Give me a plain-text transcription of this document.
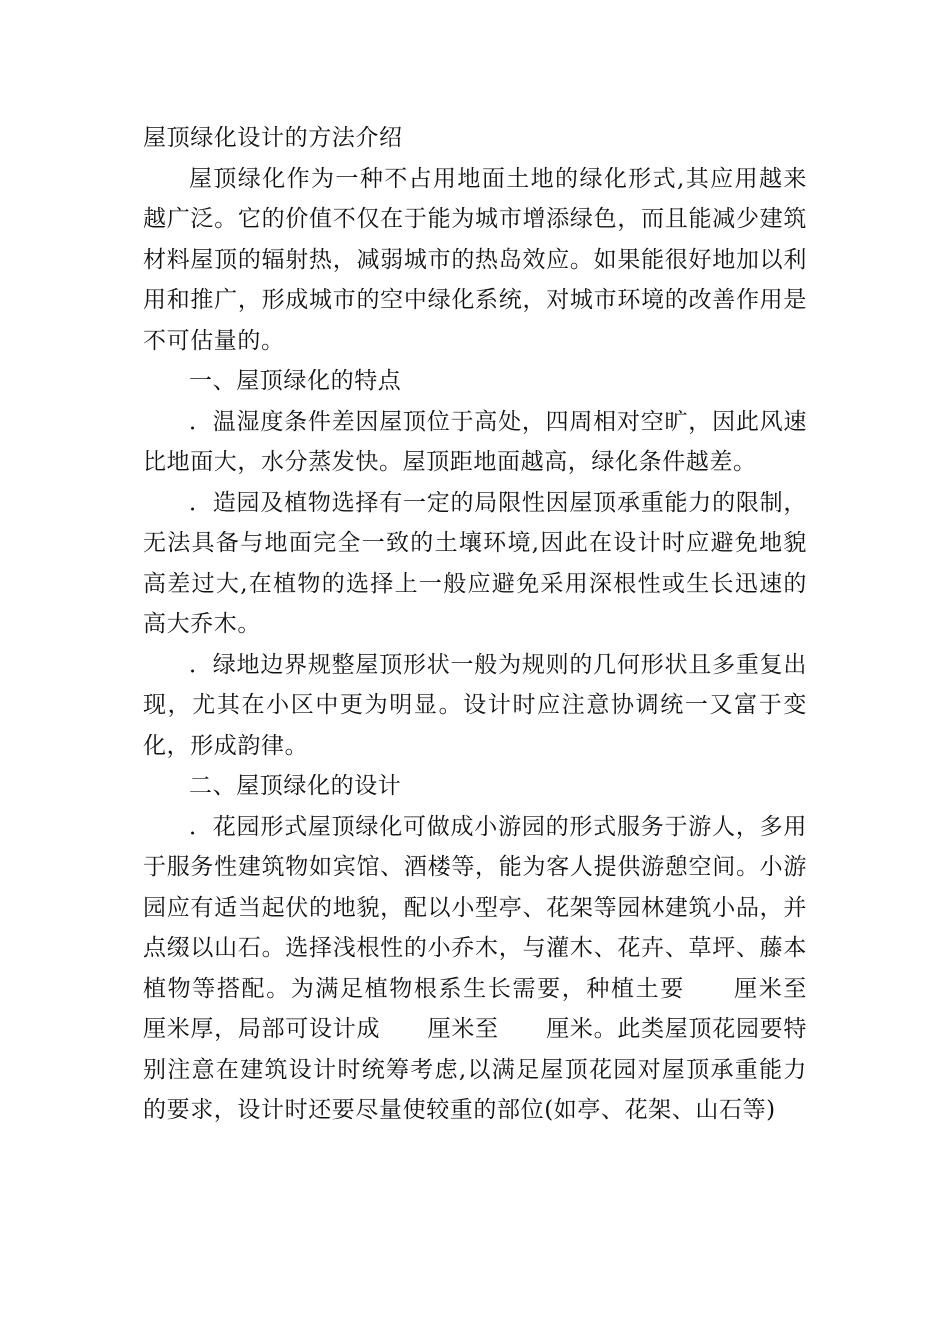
屋顶绿化设计的方法介绍

屋顶绿化作为一种不占用地面土地的绿化形式,其应用越来越广泛。它的价值不仅在于能为城市增添绿色，而且能减少建筑材料屋顶的辐射热，减弱城市的热岛效应。如果能很好地加以利用和推广，形成城市的空中绿化系统，对城市环境的改善作用是不可估量的。

一、屋顶绿化的特点

．温湿度条件差因屋顶位于高处，四周相对空旷，因此风速比地面大，水分蒸发快。屋顶距地面越高，绿化条件越差。

．造园及植物选择有一定的局限性因屋顶承重能力的限制，无法具备与地面完全一致的土壤环境,因此在设计时应避免地貌高差过大,在植物的选择上一般应避免采用深根性或生长迅速的高大乔木。

．绿地边界规整屋顶形状一般为规则的几何形状且多重复出现，尤其在小区中更为明显。设计时应注意协调统一又富于变化，形成韵律。

二、屋顶绿化的设计

．花园形式屋顶绿化可做成小游园的形式服务于游人，多用于服务性建筑物如宾馆、酒楼等，能为客人提供游憩空间。小游园应有适当起伏的地貌，配以小型亭、花架等园林建筑小品，并点缀以山石。选择浅根性的小乔木，与灌木、花卉、草坪、藤本植物等搭配。为满足植物根系生长需要，种植土要　　厘米至　　厘米厚，局部可设计成　　厘米至　　厘米。此类屋顶花园要特别注意在建筑设计时统筹考虑,以满足屋顶花园对屋顶承重能力的要求，设计时还要尽量使较重的部位(如亭、花架、山石等)
